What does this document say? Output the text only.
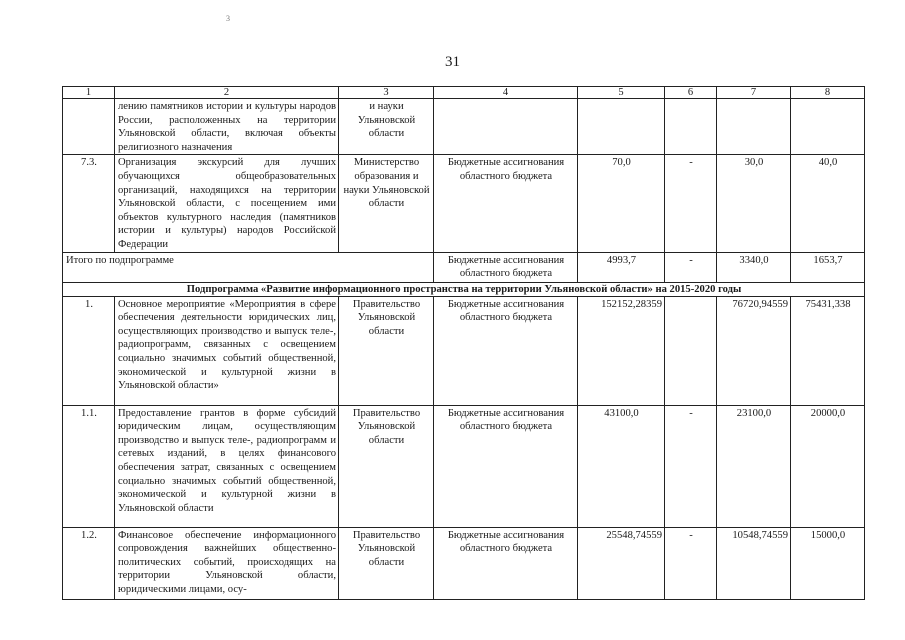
3
31
1	2	3	4	5	6	7	8
	лению памятников истории и культуры народов России, расположенных на территории Ульяновской области, включая объекты религиозного назначения	и науки Ульяновской области					
7.3.	Организация экскурсий для лучших обучающихся общеобразовательных организаций, находящихся на территории Ульяновской области, с посещением ими объектов культурного наследия (памятников истории и культуры) народов Российской Федерации	Министерство образования и науки Ульяновской области	Бюджетные ассигнования областного бюджета	70,0	-	30,0	40,0
Итого по подпрограмме			Бюджетные ассигнования областного бюджета	4993,7	-	3340,0	1653,7
Подпрограмма «Развитие информационного пространства на территории Ульяновской области» на 2015-2020 годы							
1.	Основное мероприятие «Мероприятия в сфере обеспечения деятельности юридических лиц, осуществляющих производство и выпуск теле-, радиопрограмм, связанных с освещением социально значимых событий общественной, экономической и культурной жизни в Ульяновской области»	Правительство Ульяновской области	Бюджетные ассигнования областного бюджета	152152,28359		76720,94559	75431,338
1.1.	Предоставление грантов в форме субсидий юридическим лицам, осуществляющим производство и выпуск теле-, радиопрограмм и сетевых изданий, в целях финансового обеспечения затрат, связанных с освещением социально значимых событий общественной, экономической и культурной жизни в Ульяновской области	Правительство Ульяновской области	Бюджетные ассигнования областного бюджета	43100,0	-	23100,0	20000,0
1.2.	Финансовое обеспечение информационного сопровождения важнейших общественно-политических событий, происходящих на территории Ульяновской области, юридическими лицами, осу-	Правительство Ульяновской области	Бюджетные ассигнования областного бюджета	25548,74559	-	10548,74559	15000,0
